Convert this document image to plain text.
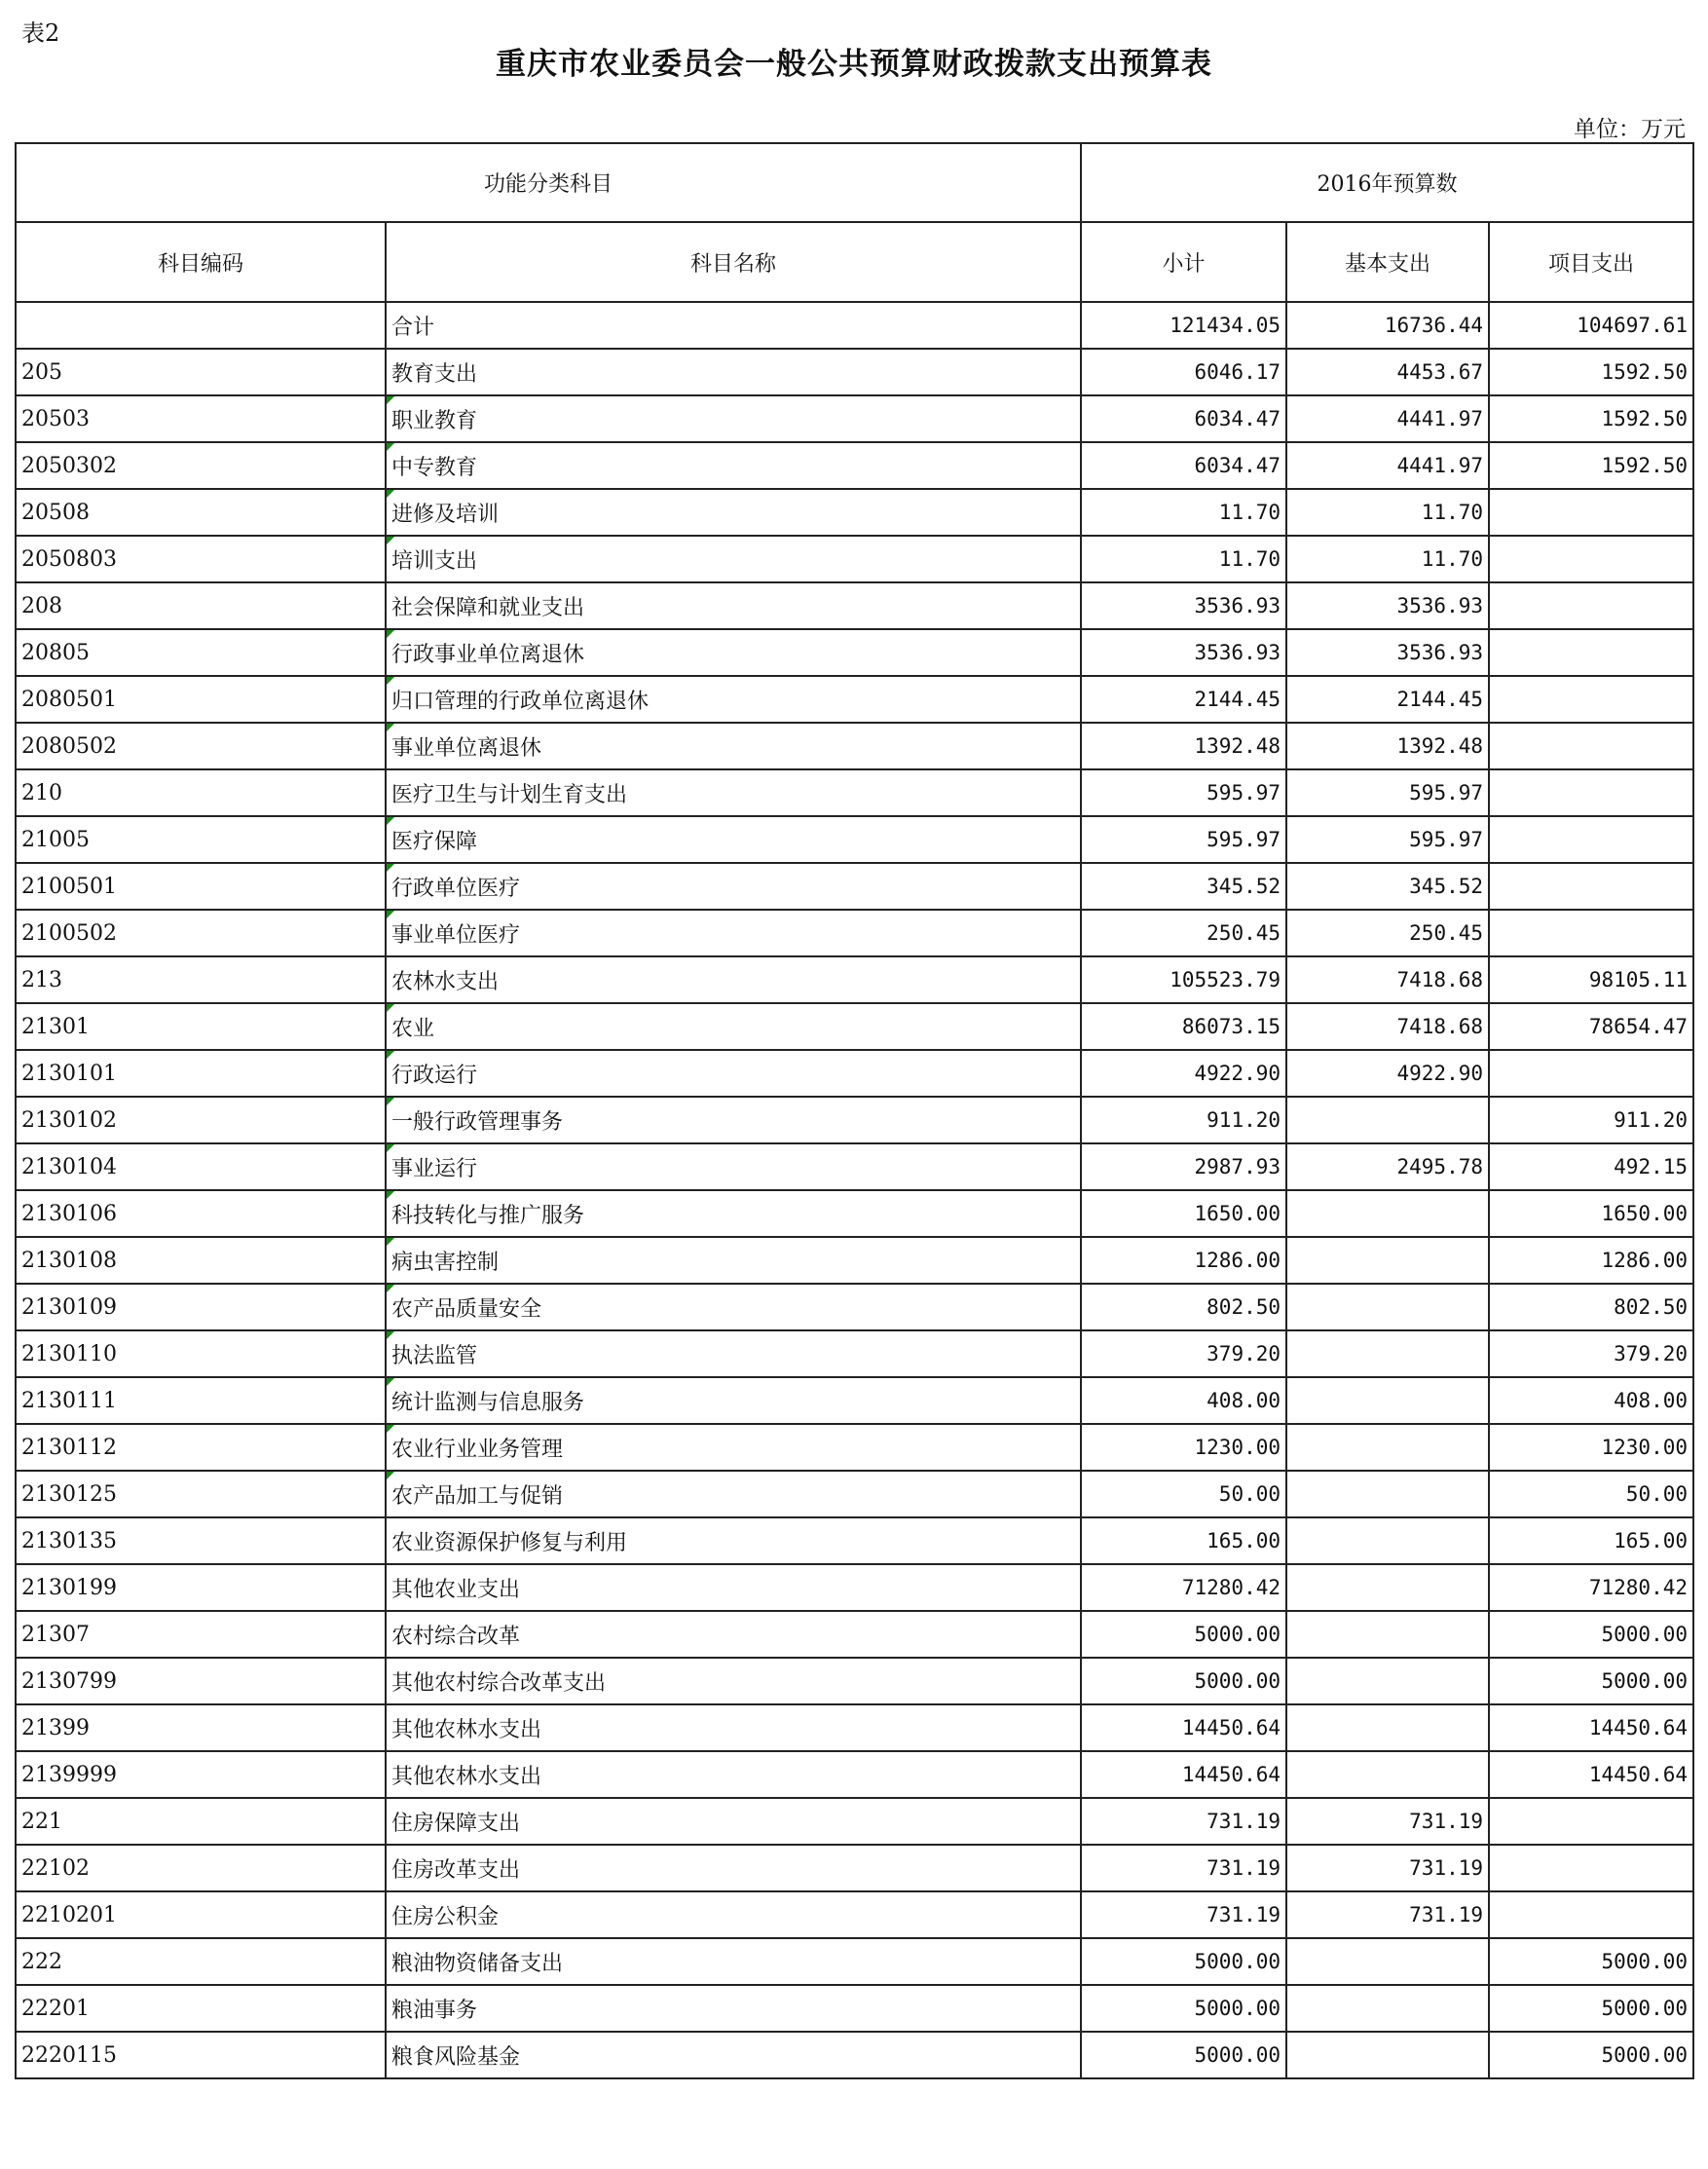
表2
重庆市农业委员会一般公共预算财政拨款支出预算表
单位：万元
功能分类科目		2016年预算数		
科目编码	科目名称	小计	基本支出	项目支出
	合计	121434.05	16736.44	104697.61
205	教育支出	6046.17	4453.67	1592.50
20503	职业教育	6034.47	4441.97	1592.50
2050302	中专教育	6034.47	4441.97	1592.50
20508	进修及培训	11.70	11.70	
2050803	培训支出	11.70	11.70	
208	社会保障和就业支出	3536.93	3536.93	
20805	行政事业单位离退休	3536.93	3536.93	
2080501	归口管理的行政单位离退休	2144.45	2144.45	
2080502	事业单位离退休	1392.48	1392.48	
210	医疗卫生与计划生育支出	595.97	595.97	
21005	医疗保障	595.97	595.97	
2100501	行政单位医疗	345.52	345.52	
2100502	事业单位医疗	250.45	250.45	
213	农林水支出	105523.79	7418.68	98105.11
21301	农业	86073.15	7418.68	78654.47
2130101	行政运行	4922.90	4922.90	
2130102	一般行政管理事务	911.20		911.20
2130104	事业运行	2987.93	2495.78	492.15
2130106	科技转化与推广服务	1650.00		1650.00
2130108	病虫害控制	1286.00		1286.00
2130109	农产品质量安全	802.50		802.50
2130110	执法监管	379.20		379.20
2130111	统计监测与信息服务	408.00		408.00
2130112	农业行业业务管理	1230.00		1230.00
2130125	农产品加工与促销	50.00		50.00
2130135	农业资源保护修复与利用	165.00		165.00
2130199	其他农业支出	71280.42		71280.42
21307	农村综合改革	5000.00		5000.00
2130799	其他农村综合改革支出	5000.00		5000.00
21399	其他农林水支出	14450.64		14450.64
2139999	其他农林水支出	14450.64		14450.64
221	住房保障支出	731.19	731.19	
22102	住房改革支出	731.19	731.19	
2210201	住房公积金	731.19	731.19	
222	粮油物资储备支出	5000.00		5000.00
22201	粮油事务	5000.00		5000.00
2220115	粮食风险基金	5000.00		5000.00
